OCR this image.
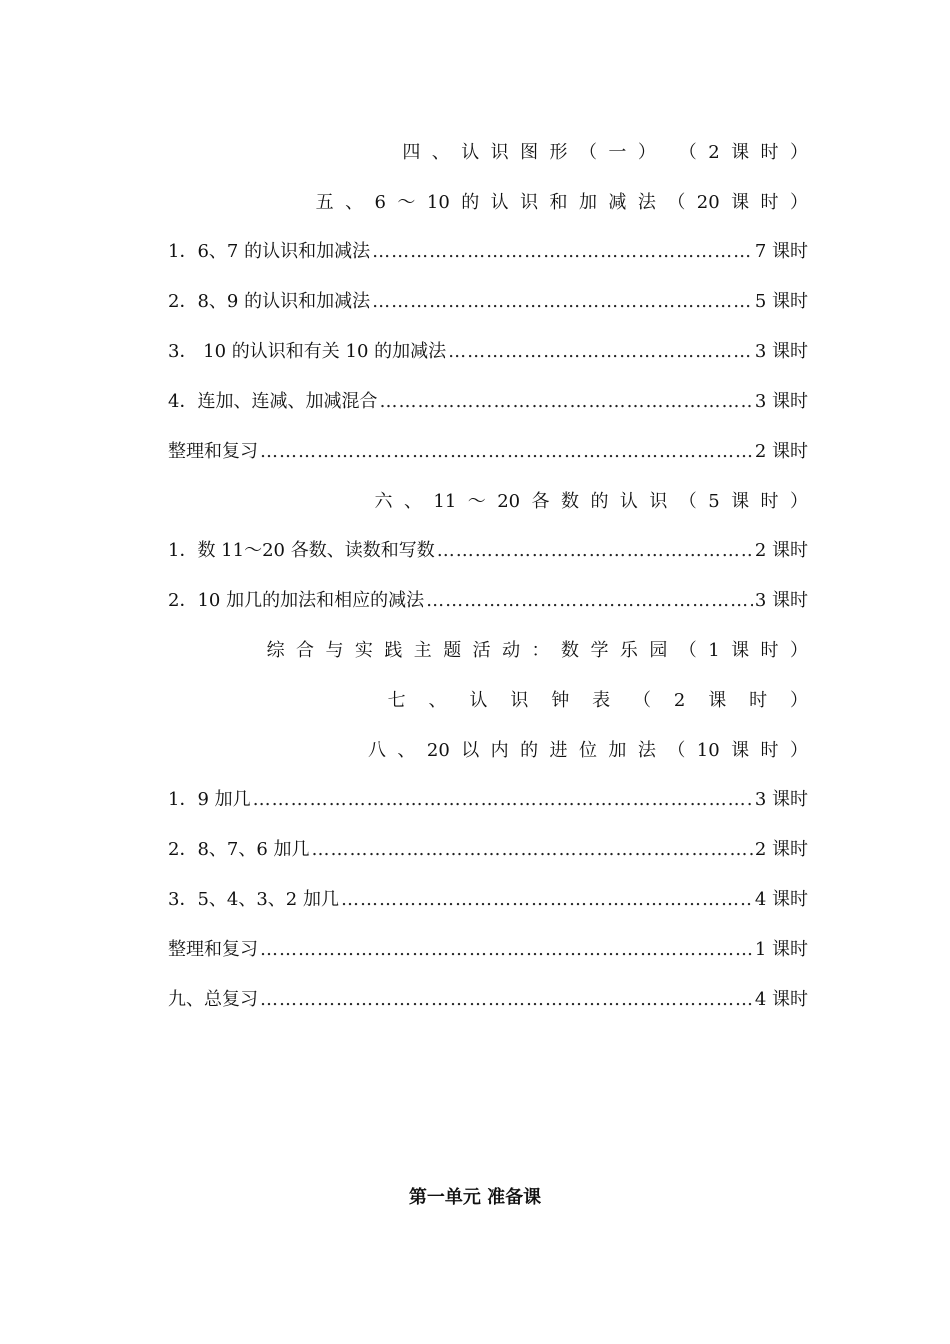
四  、  认  识  图  形  （  一  ）    （  2  课  时  ）
五  、  6  ～  10  的  认  识  和  加  减  法  （  20  课  时  ）
1．6、7 的认识和加减法 …………………………………………………………………………………………………………………………………………	7 课时
2．8、9 的认识和加减法 …………………………………………………………………………………………………………………………………………	5 课时
3． 10 的认识和有关 10 的加减法 …………………………………………………………………………………………………………………………………………	3 课时
4．连加、连减、加减混合 …………………………………………………………………………………………………………………………………………	3 课时
整理和复习 …………………………………………………………………………………………………………………………………………	2 课时
六  、  11  ～  20  各  数  的  认  识  （  5  课  时  ）
1．数 11～20 各数、读数和写数 …………………………………………………………………………………………………………………………………………	2 课时
2．10 加几的加法和相应的减法 …………………………………………………………………………………………………………………………………………	3 课时
综  合  与  实  践  主  题  活  动  ：  数  学  乐  园  （  1  课  时  ）
七    、    认    识    钟    表    （    2    课    时    ）
八  、  20  以  内  的  进  位  加  法  （  10  课  时  ）
1．9 加几 …………………………………………………………………………………………………………………………………………	3 课时
2．8、7、6 加几 …………………………………………………………………………………………………………………………………………	2 课时
3．5、4、3、2 加几 …………………………………………………………………………………………………………………………………………	4 课时
整理和复习 …………………………………………………………………………………………………………………………………………	1 课时
九、总复习 …………………………………………………………………………………………………………………………………………	4 课时
第一单元 准备课
